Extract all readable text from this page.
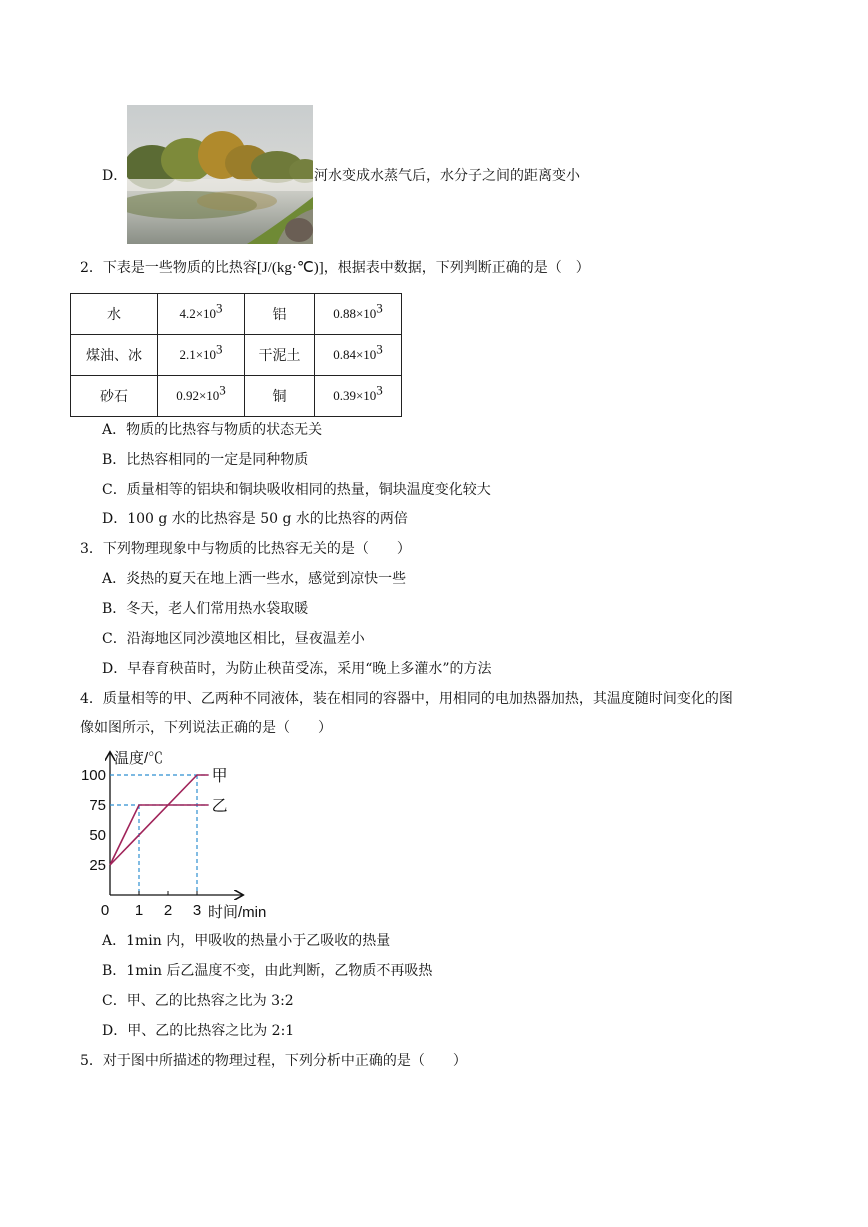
D．	河水变成水蒸气后，水分子之间的距离变小
2．下表是一些物质的比热容[J/(kg·℃)]，根据表中数据，下列判断正确的是（　）
水	4.2×103	铝	0.88×103
煤油、冰	2.1×103	干泥土	0.84×103
砂石	0.92×103	铜	0.39×103
A．物质的比热容与物质的状态无关
B．比热容相同的一定是同种物质
C．质量相等的铝块和铜块吸收相同的热量，铜块温度变化较大
D．100 g 水的比热容是 50 g 水的比热容的两倍
3．下列物理现象中与物质的比热容无关的是（　　）
A．炎热的夏天在地上洒一些水，感觉到凉快一些
B．冬天，老人们常用热水袋取暖
C．沿海地区同沙漠地区相比，昼夜温差小
D．早春育秧苗时，为防止秧苗受冻，采用“晚上多灌水”的方法
4．质量相等的甲、乙两种不同液体，装在相同的容器中，用相同的电加热器加热，其温度随时间变化的图
像如图所示，下列说法正确的是（　　）
温度/℃
时间/min
甲
乙
25
50
75
100
0 1 2 3
A．1min 内，甲吸收的热量小于乙吸收的热量
B．1min 后乙温度不变，由此判断，乙物质不再吸热
C．甲、乙的比热容之比为 3:2
D．甲、乙的比热容之比为 2:1
5．对于图中所描述的物理过程，下列分析中正确的是（　　）
